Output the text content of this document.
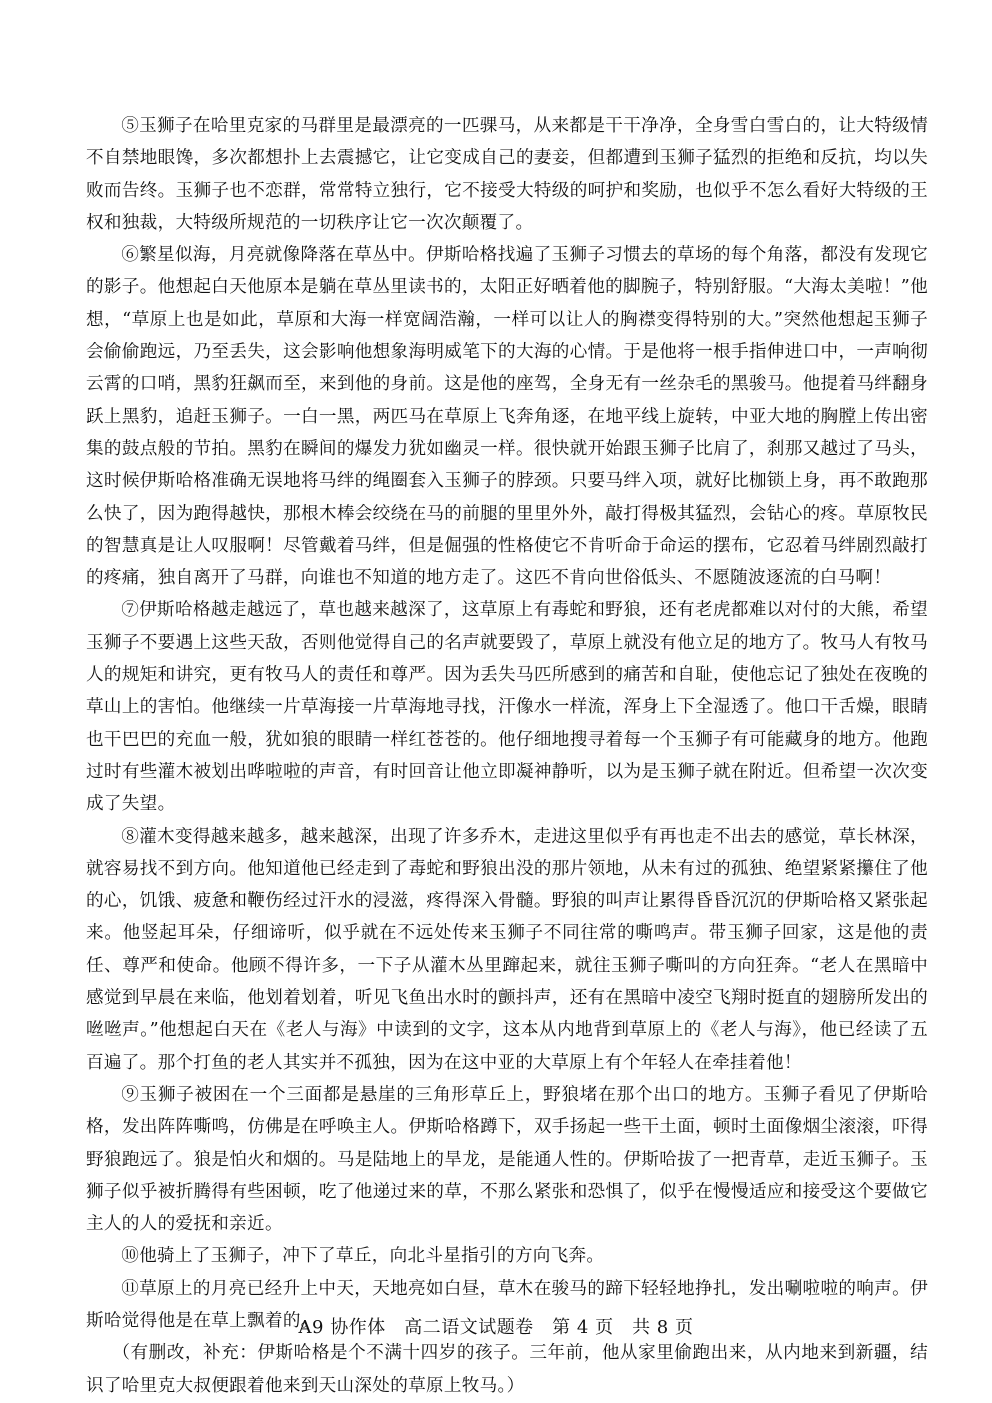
⑤玉狮子在哈里克家的马群里是最漂亮的一匹骒马，从来都是干干净净，全身雪白雪白的，让大特级情不自禁地眼馋，多次都想扑上去震撼它，让它变成自己的妻妾，但都遭到玉狮子猛烈的拒绝和反抗，均以失败而告终。玉狮子也不恋群，常常特立独行，它不接受大特级的呵护和奖励，也似乎不怎么看好大特级的王权和独裁，大特级所规范的一切秩序让它一次次颠覆了。

⑥繁星似海，月亮就像降落在草丛中。伊斯哈格找遍了玉狮子习惯去的草场的每个角落，都没有发现它的影子。他想起白天他原本是躺在草丛里读书的，太阳正好晒着他的脚腕子，特别舒服。“大海太美啦！”他想，“草原上也是如此，草原和大海一样宽阔浩瀚，一样可以让人的胸襟变得特别的大。”突然他想起玉狮子会偷偷跑远，乃至丢失，这会影响他想象海明威笔下的大海的心情。于是他将一根手指伸进口中，一声响彻云霄的口哨，黑豹狂飙而至，来到他的身前。这是他的座驾，全身无有一丝杂毛的黑骏马。他提着马绊翻身跃上黑豹，追赶玉狮子。一白一黑，两匹马在草原上飞奔角逐，在地平线上旋转，中亚大地的胸膛上传出密集的鼓点般的节拍。黑豹在瞬间的爆发力犹如幽灵一样。很快就开始跟玉狮子比肩了，刹那又越过了马头，这时候伊斯哈格准确无误地将马绊的绳圈套入玉狮子的脖颈。只要马绊入项，就好比枷锁上身，再不敢跑那么快了，因为跑得越快，那根木棒会绞绕在马的前腿的里里外外，敲打得极其猛烈，会钻心的疼。草原牧民的智慧真是让人叹服啊！尽管戴着马绊，但是倔强的性格使它不肯听命于命运的摆布，它忍着马绊剧烈敲打的疼痛，独自离开了马群，向谁也不知道的地方走了。这匹不肯向世俗低头、不愿随波逐流的白马啊！

⑦伊斯哈格越走越远了，草也越来越深了，这草原上有毒蛇和野狼，还有老虎都难以对付的大熊，希望玉狮子不要遇上这些天敌，否则他觉得自己的名声就要毁了，草原上就没有他立足的地方了。牧马人有牧马人的规矩和讲究，更有牧马人的责任和尊严。因为丢失马匹所感到的痛苦和自耻，使他忘记了独处在夜晚的草山上的害怕。他继续一片草海接一片草海地寻找，汗像水一样流，浑身上下全湿透了。他口干舌燥，眼睛也干巴巴的充血一般，犹如狼的眼睛一样红苍苍的。他仔细地搜寻着每一个玉狮子有可能藏身的地方。他跑过时有些灌木被划出哗啦啦的声音，有时回音让他立即凝神静听，以为是玉狮子就在附近。但希望一次次变成了失望。

⑧灌木变得越来越多，越来越深，出现了许多乔木，走进这里似乎有再也走不出去的感觉，草长林深，就容易找不到方向。他知道他已经走到了毒蛇和野狼出没的那片领地，从未有过的孤独、绝望紧紧攥住了他的心，饥饿、疲惫和鞭伤经过汗水的浸滋，疼得深入骨髓。野狼的叫声让累得昏昏沉沉的伊斯哈格又紧张起来。他竖起耳朵，仔细谛听，似乎就在不远处传来玉狮子不同往常的嘶鸣声。带玉狮子回家，这是他的责任、尊严和使命。他顾不得许多，一下子从灌木丛里蹿起来，就往玉狮子嘶叫的方向狂奔。“老人在黑暗中感觉到早晨在来临，他划着划着，听见飞鱼出水时的颤抖声，还有在黑暗中凌空飞翔时挺直的翅膀所发出的咝咝声。”他想起白天在《老人与海》中读到的文字，这本从内地背到草原上的《老人与海》，他已经读了五百遍了。那个打鱼的老人其实并不孤独，因为在这中亚的大草原上有个年轻人在牵挂着他！

⑨玉狮子被困在一个三面都是悬崖的三角形草丘上，野狼堵在那个出口的地方。玉狮子看见了伊斯哈格，发出阵阵嘶鸣，仿佛是在呼唤主人。伊斯哈格蹲下，双手扬起一些干土面，顿时土面像烟尘滚滚，吓得野狼跑远了。狼是怕火和烟的。马是陆地上的旱龙，是能通人性的。伊斯哈拔了一把青草，走近玉狮子。玉狮子似乎被折腾得有些困顿，吃了他递过来的草，不那么紧张和恐惧了，似乎在慢慢适应和接受这个要做它主人的人的爱抚和亲近。

⑩他骑上了玉狮子，冲下了草丘，向北斗星指引的方向飞奔。

⑪草原上的月亮已经升上中天，天地亮如白昼，草木在骏马的蹄下轻轻地挣扎，发出唰啦啦的响声。伊斯哈觉得他是在草上飘着的。

（有删改，补充：伊斯哈格是个不满十四岁的孩子。三年前，他从家里偷跑出来，从内地来到新疆，结识了哈里克大叔便跟着他来到天山深处的草原上牧马。）

A9 协作体　高二语文试题卷　第 4 页　共 8 页
